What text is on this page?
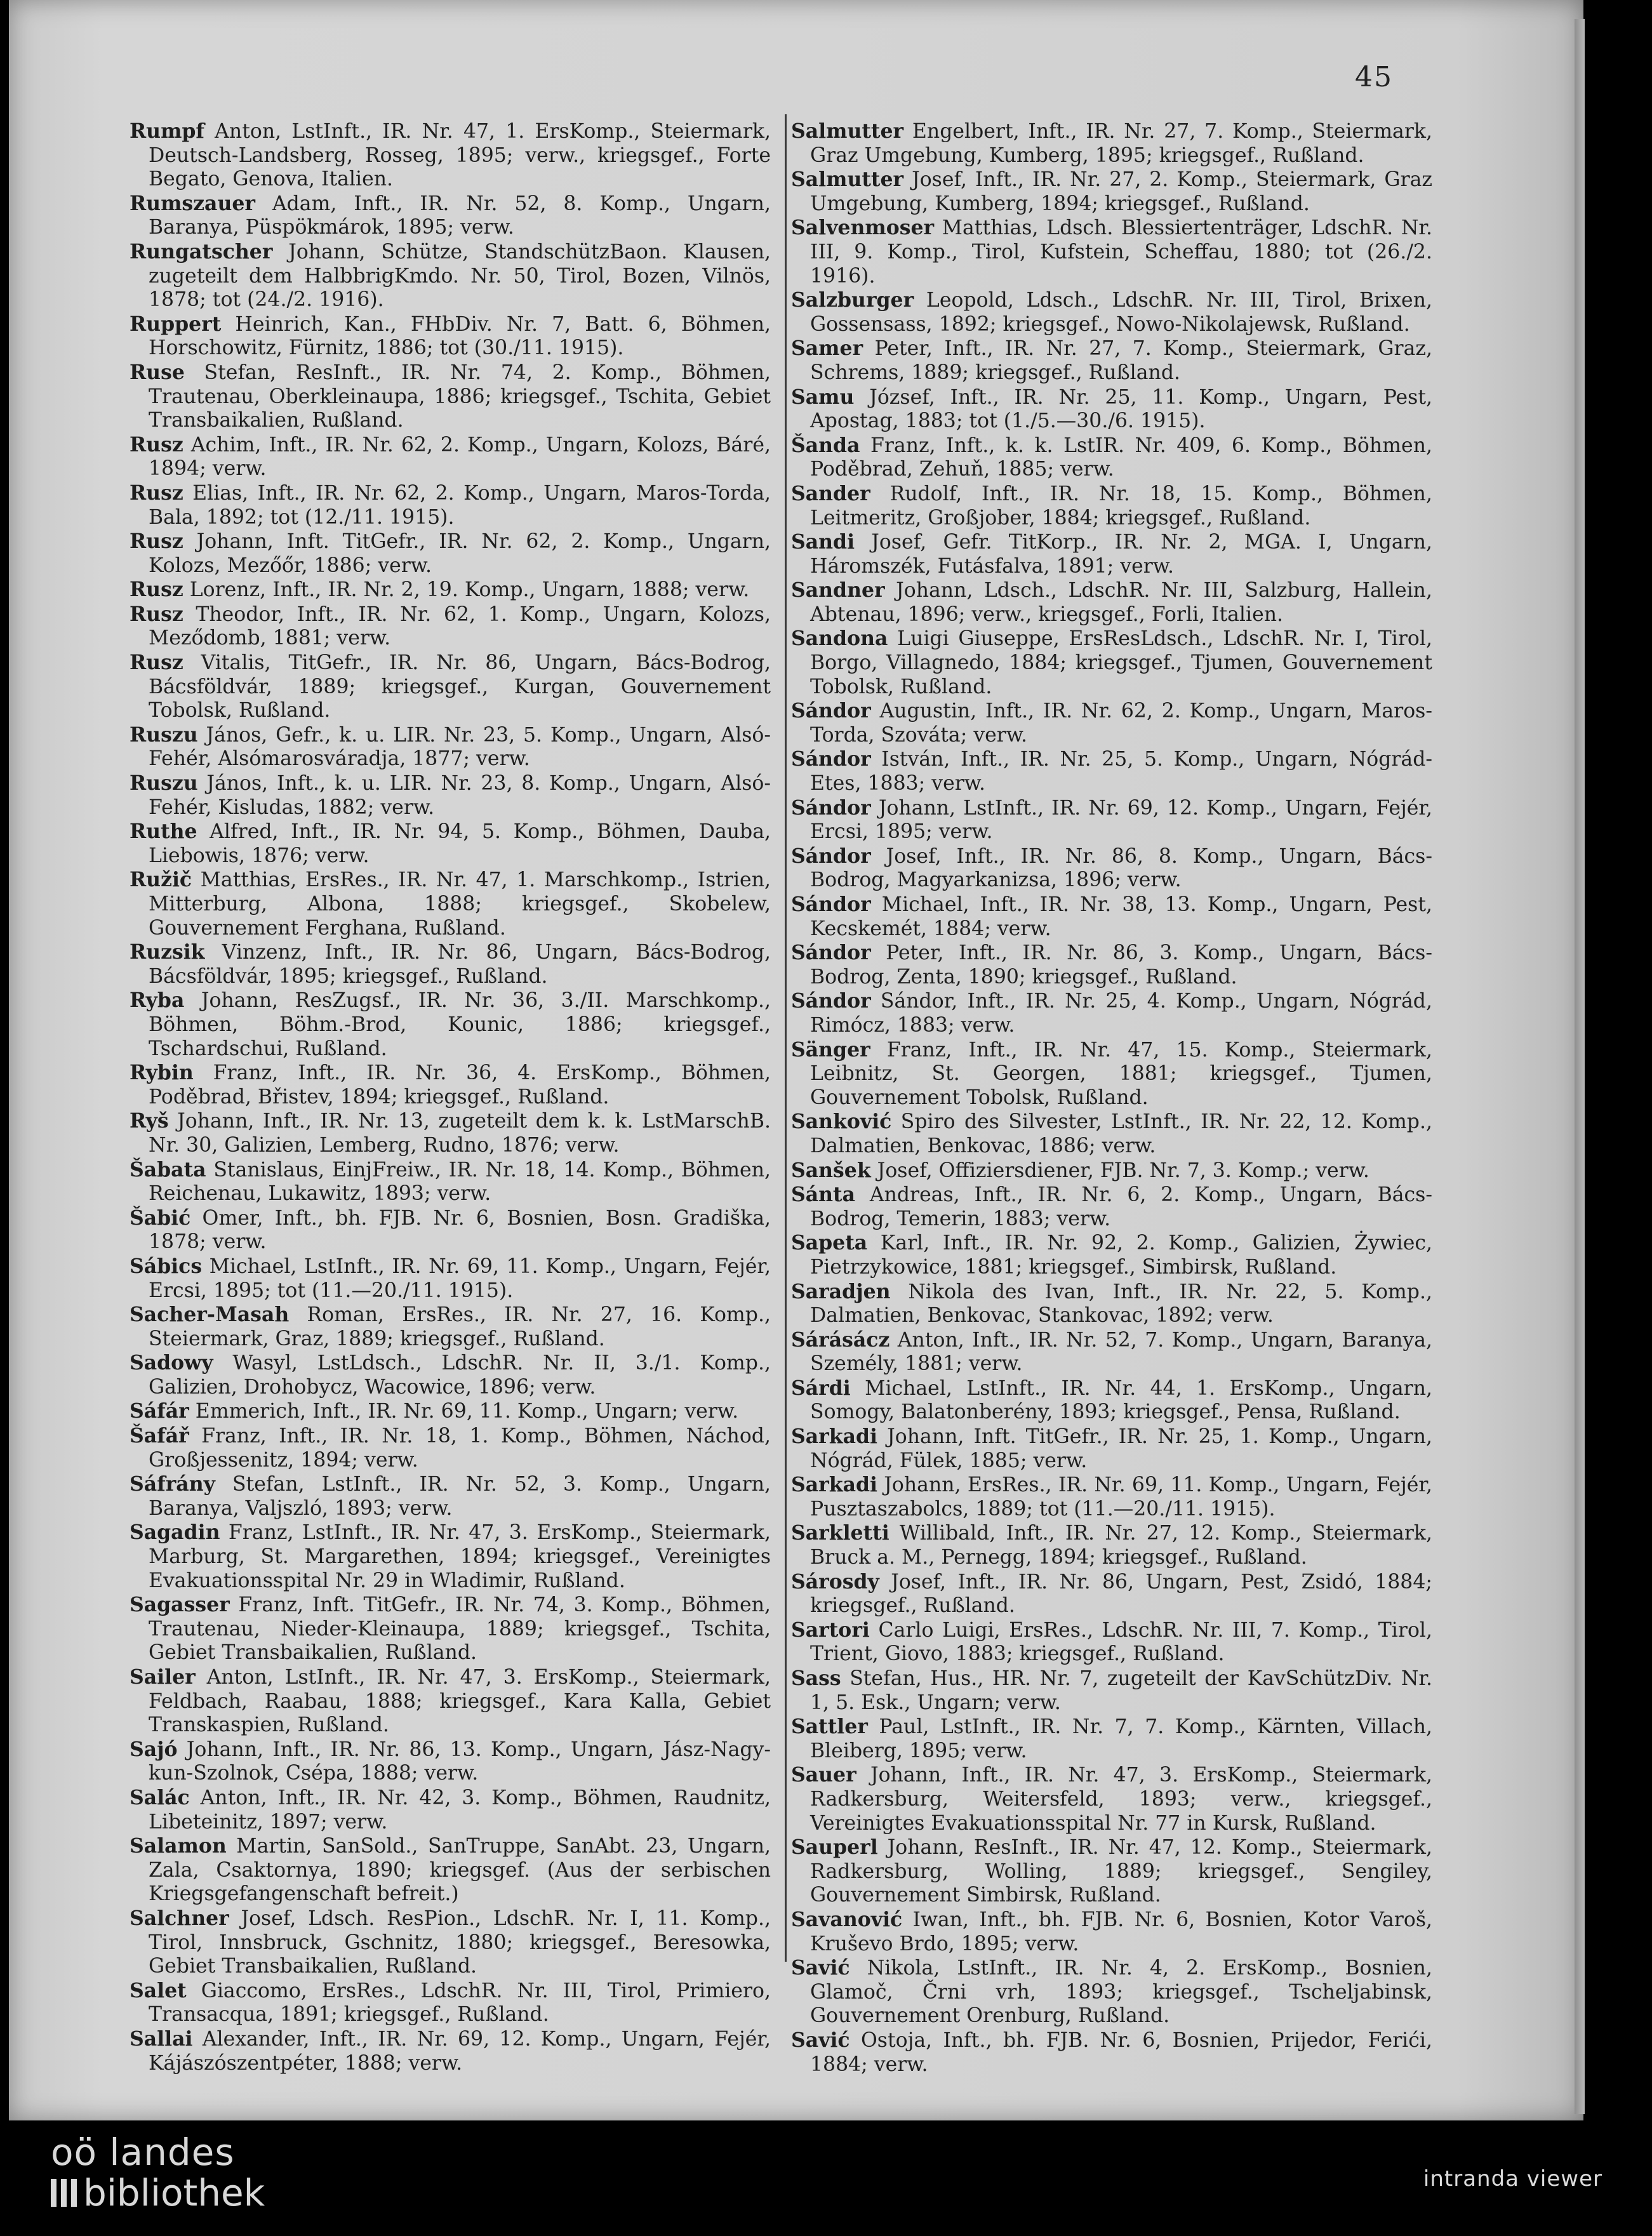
45

Rumpf Anton, LstInft., IR. Nr. 47, 1. ErsKomp., Steiermark, Deutsch-Landsberg, Rosseg, 1895; verw., kriegsgef., Forte Begato, Genova, Italien.

Rumszauer Adam, Inft., IR. Nr. 52, 8. Komp., Ungarn, Baranya, Püspökmárok, 1895; verw.

Rungatscher Johann, Schütze, StandschützBaon. Klausen, zugeteilt dem HalbbrigKmdo. Nr. 50, Tirol, Bozen, Vilnös, 1878; tot (24./2. 1916).

Ruppert Heinrich, Kan., FHbDiv. Nr. 7, Batt. 6, Böhmen, Horschowitz, Fürnitz, 1886; tot (30./11. 1915).

Ruse Stefan, ResInft., IR. Nr. 74, 2. Komp., Böhmen, Trautenau, Oberkleinaupa, 1886; kriegsgef., Tschita, Gebiet Transbaikalien, Rußland.

Rusz Achim, Inft., IR. Nr. 62, 2. Komp., Ungarn, Kolozs, Báré, 1894; verw.

Rusz Elias, Inft., IR. Nr. 62, 2. Komp., Ungarn, Maros-Torda, Bala, 1892; tot (12./11. 1915).

Rusz Johann, Inft. TitGefr., IR. Nr. 62, 2. Komp., Ungarn, Kolozs, Mezőőr, 1886; verw.

Rusz Lorenz, Inft., IR. Nr. 2, 19. Komp., Ungarn, 1888; verw.

Rusz Theodor, Inft., IR. Nr. 62, 1. Komp., Ungarn, Kolozs, Meződomb, 1881; verw.

Rusz Vitalis, TitGefr., IR. Nr. 86, Ungarn, Bács-Bodrog, Bácsföldvár, 1889; kriegsgef., Kurgan, Gouvernement Tobolsk, Rußland.

Ruszu János, Gefr., k. u. LIR. Nr. 23, 5. Komp., Ungarn, Alsó-Fehér, Alsómarosváradja, 1877; verw.

Ruszu János, Inft., k. u. LIR. Nr. 23, 8. Komp., Ungarn, Alsó-Fehér, Kisludas, 1882; verw.

Ruthe Alfred, Inft., IR. Nr. 94, 5. Komp., Böhmen, Dauba, Liebowis, 1876; verw.

Ružič Matthias, ErsRes., IR. Nr. 47, 1. Marschkomp., Istrien, Mitterburg, Albona, 1888; kriegsgef., Skobelew, Gouvernement Ferghana, Rußland.

Ruzsik Vinzenz, Inft., IR. Nr. 86, Ungarn, Bács-Bodrog, Bácsföldvár, 1895; kriegsgef., Rußland.

Ryba Johann, ResZugsf., IR. Nr. 36, 3./II. Marschkomp., Böhmen, Böhm.-Brod, Kounic, 1886; kriegsgef., Tschardschui, Rußland.

Rybin Franz, Inft., IR. Nr. 36, 4. ErsKomp., Böhmen, Poděbrad, Břistev, 1894; kriegsgef., Rußland.

Ryš Johann, Inft., IR. Nr. 13, zugeteilt dem k. k. LstMarschB. Nr. 30, Galizien, Lemberg, Rudno, 1876; verw.

Šabata Stanislaus, EinjFreiw., IR. Nr. 18, 14. Komp., Böhmen, Reichenau, Lukawitz, 1893; verw.

Šabić Omer, Inft., bh. FJB. Nr. 6, Bosnien, Bosn. Gradiška, 1878; verw.

Sábics Michael, LstInft., IR. Nr. 69, 11. Komp., Ungarn, Fejér, Ercsi, 1895; tot (11.—20./11. 1915).

Sacher-Masah Roman, ErsRes., IR. Nr. 27, 16. Komp., Steiermark, Graz, 1889; kriegsgef., Rußland.

Sadowy Wasyl, LstLdsch., LdschR. Nr. II, 3./1. Komp., Galizien, Drohobycz, Wacowice, 1896; verw.

Sáfár Emmerich, Inft., IR. Nr. 69, 11. Komp., Ungarn; verw.

Šafář Franz, Inft., IR. Nr. 18, 1. Komp., Böhmen, Náchod, Großjessenitz, 1894; verw.

Sáfrány Stefan, LstInft., IR. Nr. 52, 3. Komp., Ungarn, Baranya, Valjszló, 1893; verw.

Sagadin Franz, LstInft., IR. Nr. 47, 3. ErsKomp., Steiermark, Marburg, St. Margarethen, 1894; kriegsgef., Vereinigtes Evakuationsspital Nr. 29 in Wladimir, Rußland.

Sagasser Franz, Inft. TitGefr., IR. Nr. 74, 3. Komp., Böhmen, Trautenau, Nieder-Kleinaupa, 1889; kriegsgef., Tschita, Gebiet Transbaikalien, Rußland.

Sailer Anton, LstInft., IR. Nr. 47, 3. ErsKomp., Steiermark, Feldbach, Raabau, 1888; kriegsgef., Kara Kalla, Gebiet Transkaspien, Rußland.

Sajó Johann, Inft., IR. Nr. 86, 13. Komp., Ungarn, Jász-Nagy-kun-Szolnok, Csépa, 1888; verw.

Salác Anton, Inft., IR. Nr. 42, 3. Komp., Böhmen, Raudnitz, Libeteinitz, 1897; verw.

Salamon Martin, SanSold., SanTruppe, SanAbt. 23, Ungarn, Zala, Csaktornya, 1890; kriegsgef. (Aus der serbischen Kriegsgefangenschaft befreit.)

Salchner Josef, Ldsch. ResPion., LdschR. Nr. I, 11. Komp., Tirol, Innsbruck, Gschnitz, 1880; kriegsgef., Beresowka, Gebiet Transbaikalien, Rußland.

Salet Giaccomo, ErsRes., LdschR. Nr. III, Tirol, Primiero, Transacqua, 1891; kriegsgef., Rußland.

Sallai Alexander, Inft., IR. Nr. 69, 12. Komp., Ungarn, Fejér, Kájászószentpéter, 1888; verw.

Salmutter Engelbert, Inft., IR. Nr. 27, 7. Komp., Steiermark, Graz Umgebung, Kumberg, 1895; kriegsgef., Rußland.

Salmutter Josef, Inft., IR. Nr. 27, 2. Komp., Steiermark, Graz Umgebung, Kumberg, 1894; kriegsgef., Rußland.

Salvenmoser Matthias, Ldsch. Blessiertenträger, LdschR. Nr. III, 9. Komp., Tirol, Kufstein, Scheffau, 1880; tot (26./2. 1916).

Salzburger Leopold, Ldsch., LdschR. Nr. III, Tirol, Brixen, Gossensass, 1892; kriegsgef., Nowo-Nikolajewsk, Rußland.

Samer Peter, Inft., IR. Nr. 27, 7. Komp., Steiermark, Graz, Schrems, 1889; kriegsgef., Rußland.

Samu József, Inft., IR. Nr. 25, 11. Komp., Ungarn, Pest, Apostag, 1883; tot (1./5.—30./6. 1915).

Šanda Franz, Inft., k. k. LstIR. Nr. 409, 6. Komp., Böhmen, Poděbrad, Zehuň, 1885; verw.

Sander Rudolf, Inft., IR. Nr. 18, 15. Komp., Böhmen, Leitmeritz, Großjober, 1884; kriegsgef., Rußland.

Sandi Josef, Gefr. TitKorp., IR. Nr. 2, MGA. I, Ungarn, Háromszék, Futásfalva, 1891; verw.

Sandner Johann, Ldsch., LdschR. Nr. III, Salzburg, Hallein, Abtenau, 1896; verw., kriegsgef., Forli, Italien.

Sandona Luigi Giuseppe, ErsResLdsch., LdschR. Nr. I, Tirol, Borgo, Villagnedo, 1884; kriegsgef., Tjumen, Gouvernement Tobolsk, Rußland.

Sándor Augustin, Inft., IR. Nr. 62, 2. Komp., Ungarn, Maros-Torda, Szováta; verw.

Sándor István, Inft., IR. Nr. 25, 5. Komp., Ungarn, Nógrád-Etes, 1883; verw.

Sándor Johann, LstInft., IR. Nr. 69, 12. Komp., Ungarn, Fejér, Ercsi, 1895; verw.

Sándor Josef, Inft., IR. Nr. 86, 8. Komp., Ungarn, Bács-Bodrog, Magyarkanizsa, 1896; verw.

Sándor Michael, Inft., IR. Nr. 38, 13. Komp., Ungarn, Pest, Kecskemét, 1884; verw.

Sándor Peter, Inft., IR. Nr. 86, 3. Komp., Ungarn, Bács-Bodrog, Zenta, 1890; kriegsgef., Rußland.

Sándor Sándor, Inft., IR. Nr. 25, 4. Komp., Ungarn, Nógrád, Rimócz, 1883; verw.

Sänger Franz, Inft., IR. Nr. 47, 15. Komp., Steiermark, Leibnitz, St. Georgen, 1881; kriegsgef., Tjumen, Gouvernement Tobolsk, Rußland.

Sanković Spiro des Silvester, LstInft., IR. Nr. 22, 12. Komp., Dalmatien, Benkovac, 1886; verw.

Sanšek Josef, Offiziersdiener, FJB. Nr. 7, 3. Komp.; verw.

Sánta Andreas, Inft., IR. Nr. 6, 2. Komp., Ungarn, Bács-Bodrog, Temerin, 1883; verw.

Sapeta Karl, Inft., IR. Nr. 92, 2. Komp., Galizien, Żywiec, Pietrzykowice, 1881; kriegsgef., Simbirsk, Rußland.

Saradjen Nikola des Ivan, Inft., IR. Nr. 22, 5. Komp., Dalmatien, Benkovac, Stankovac, 1892; verw.

Sárásácz Anton, Inft., IR. Nr. 52, 7. Komp., Ungarn, Baranya, Személy, 1881; verw.

Sárdi Michael, LstInft., IR. Nr. 44, 1. ErsKomp., Ungarn, Somogy, Balatonberény, 1893; kriegsgef., Pensa, Rußland.

Sarkadi Johann, Inft. TitGefr., IR. Nr. 25, 1. Komp., Ungarn, Nógrád, Fülek, 1885; verw.

Sarkadi Johann, ErsRes., IR. Nr. 69, 11. Komp., Ungarn, Fejér, Pusztaszabolcs, 1889; tot (11.—20./11. 1915).

Sarkletti Willibald, Inft., IR. Nr. 27, 12. Komp., Steiermark, Bruck a. M., Pernegg, 1894; kriegsgef., Rußland.

Sárosdy Josef, Inft., IR. Nr. 86, Ungarn, Pest, Zsidó, 1884; kriegsgef., Rußland.

Sartori Carlo Luigi, ErsRes., LdschR. Nr. III, 7. Komp., Tirol, Trient, Giovo, 1883; kriegsgef., Rußland.

Sass Stefan, Hus., HR. Nr. 7, zugeteilt der KavSchützDiv. Nr. 1, 5. Esk., Ungarn; verw.

Sattler Paul, LstInft., IR. Nr. 7, 7. Komp., Kärnten, Villach, Bleiberg, 1895; verw.

Sauer Johann, Inft., IR. Nr. 47, 3. ErsKomp., Steiermark, Radkersburg, Weitersfeld, 1893; verw., kriegsgef., Vereinigtes Evakuationsspital Nr. 77 in Kursk, Rußland.

Sauperl Johann, ResInft., IR. Nr. 47, 12. Komp., Steiermark, Radkersburg, Wolling, 1889; kriegsgef., Sengiley, Gouvernement Simbirsk, Rußland.

Savanović Iwan, Inft., bh. FJB. Nr. 6, Bosnien, Kotor Varoš, Kruševo Brdo, 1895; verw.

Savić Nikola, LstInft., IR. Nr. 4, 2. ErsKomp., Bosnien, Glamoč, Črni vrh, 1893; kriegsgef., Tscheljabinsk, Gouvernement Orenburg, Rußland.

Savić Ostoja, Inft., bh. FJB. Nr. 6, Bosnien, Prijedor, Ferići, 1884; verw.

oö landes
bibliothek	intranda viewer
